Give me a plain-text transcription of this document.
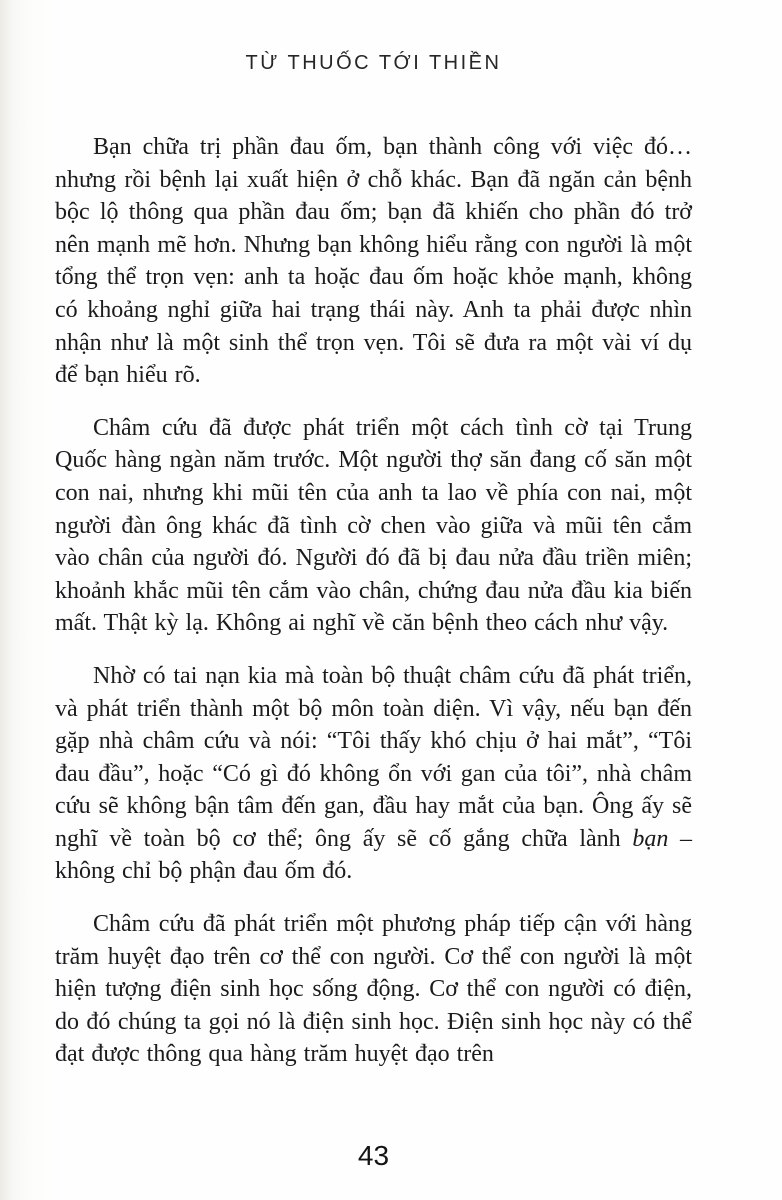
TỪ THUỐC TỚI THIỀN

Bạn chữa trị phần đau ốm, bạn thành công với việc đó… nhưng rồi bệnh lại xuất hiện ở chỗ khác. Bạn đã ngăn cản bệnh bộc lộ thông qua phần đau ốm; bạn đã khiến cho phần đó trở nên mạnh mẽ hơn. Nhưng bạn không hiểu rằng con người là một tổng thể trọn vẹn: anh ta hoặc đau ốm hoặc khỏe mạnh, không có khoảng nghỉ giữa hai trạng thái này. Anh ta phải được nhìn nhận như là một sinh thể trọn vẹn. Tôi sẽ đưa ra một vài ví dụ để bạn hiểu rõ.

Châm cứu đã được phát triển một cách tình cờ tại Trung Quốc hàng ngàn năm trước. Một người thợ săn đang cố săn một con nai, nhưng khi mũi tên của anh ta lao về phía con nai, một người đàn ông khác đã tình cờ chen vào giữa và mũi tên cắm vào chân của người đó. Người đó đã bị đau nửa đầu triền miên; khoảnh khắc mũi tên cắm vào chân, chứng đau nửa đầu kia biến mất. Thật kỳ lạ. Không ai nghĩ về căn bệnh theo cách như vậy.

Nhờ có tai nạn kia mà toàn bộ thuật châm cứu đã phát triển, và phát triển thành một bộ môn toàn diện. Vì vậy, nếu bạn đến gặp nhà châm cứu và nói: “Tôi thấy khó chịu ở hai mắt”, “Tôi đau đầu”, hoặc “Có gì đó không ổn với gan của tôi”, nhà châm cứu sẽ không bận tâm đến gan, đầu hay mắt của bạn. Ông ấy sẽ nghĩ về toàn bộ cơ thể; ông ấy sẽ cố gắng chữa lành bạn – không chỉ bộ phận đau ốm đó.

Châm cứu đã phát triển một phương pháp tiếp cận với hàng trăm huyệt đạo trên cơ thể con người. Cơ thể con người là một hiện tượng điện sinh học sống động. Cơ thể con người có điện, do đó chúng ta gọi nó là điện sinh học. Điện sinh học này có thể đạt được thông qua hàng trăm huyệt đạo trên

43
